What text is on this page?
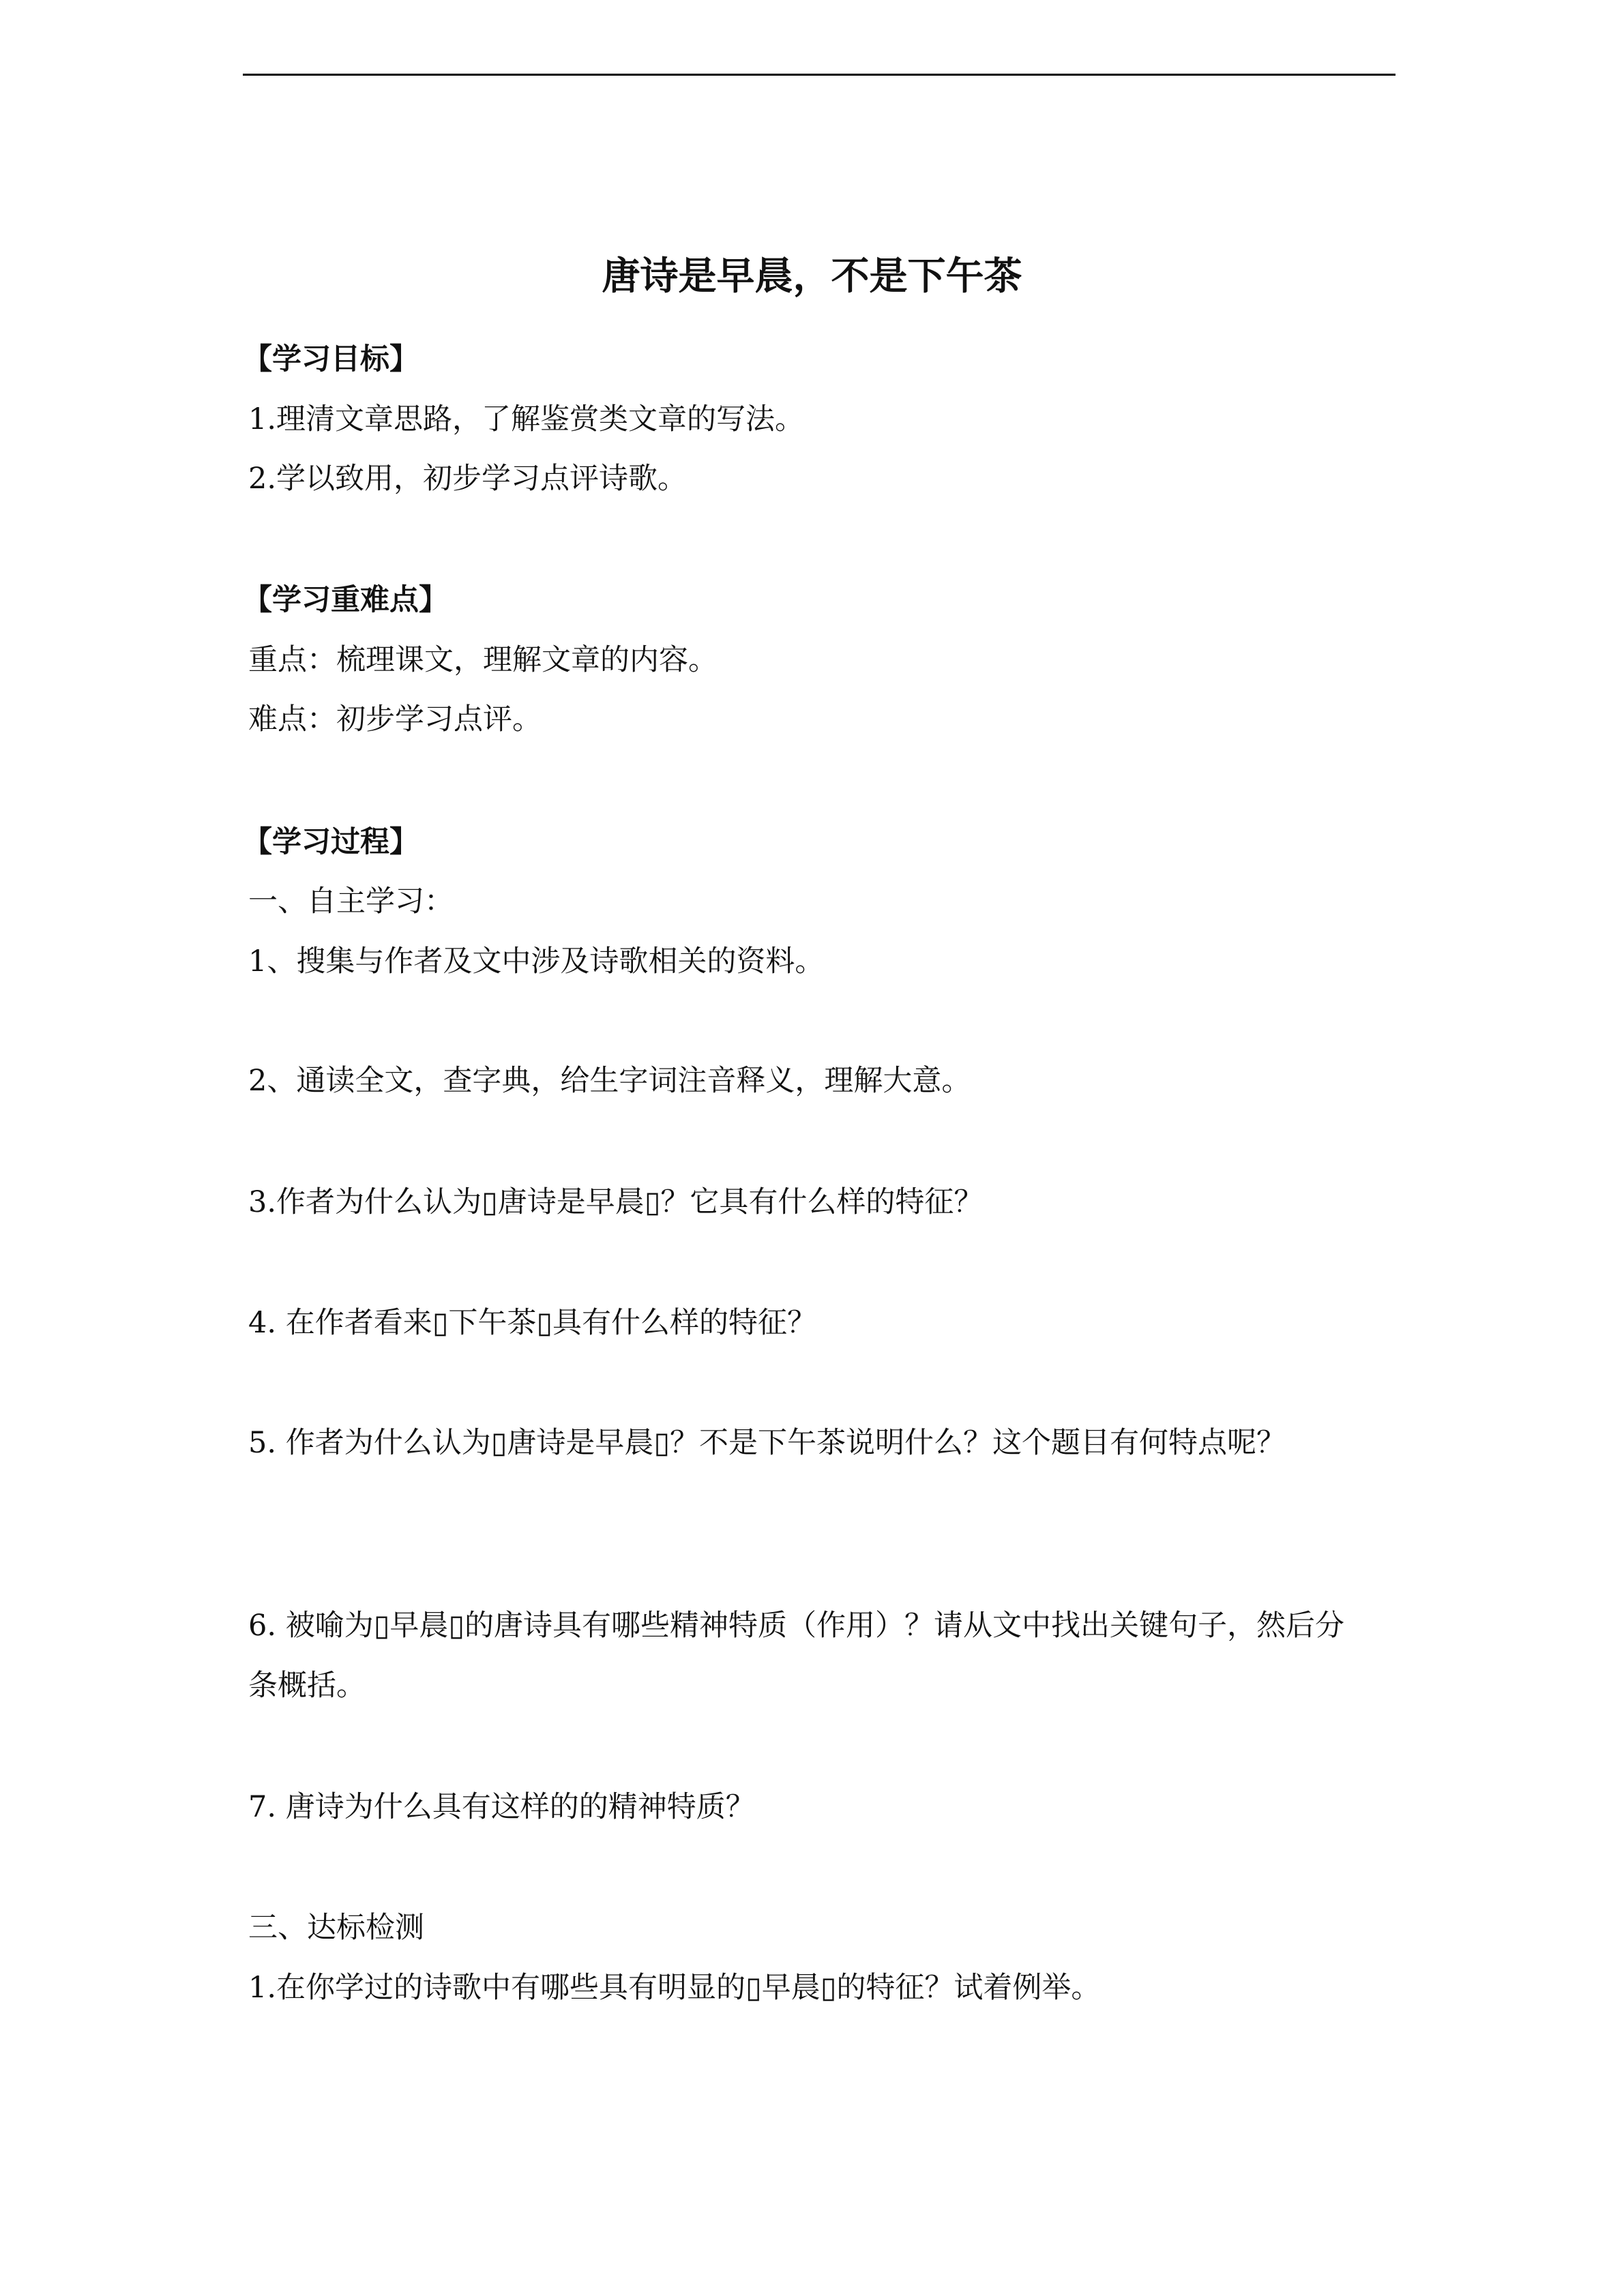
唐诗是早晨，不是下午茶
【学习目标】
1.理清文章思路，了解鉴赏类文章的写法。
2.学以致用，初步学习点评诗歌。
【学习重难点】
重点：梳理课文，理解文章的内容。
难点：初步学习点评。
【学习过程】
一、自主学习：
1、搜集与作者及文中涉及诗歌相关的资料。
2、通读全文，查字典，给生字词注音释义，理解大意。
3.作者为什么认为▯唐诗是早晨▯？它具有什么样的特征？
4. 在作者看来▯下午茶▯具有什么样的特征？
5. 作者为什么认为▯唐诗是早晨▯？不是下午茶说明什么？这个题目有何特点呢？
6. 被喻为▯早晨▯的唐诗具有哪些精神特质（作用）？请从文中找出关键句子，然后分条概括。
7. 唐诗为什么具有这样的的精神特质？
三、达标检测
1.在你学过的诗歌中有哪些具有明显的▯早晨▯的特征？试着例举。
